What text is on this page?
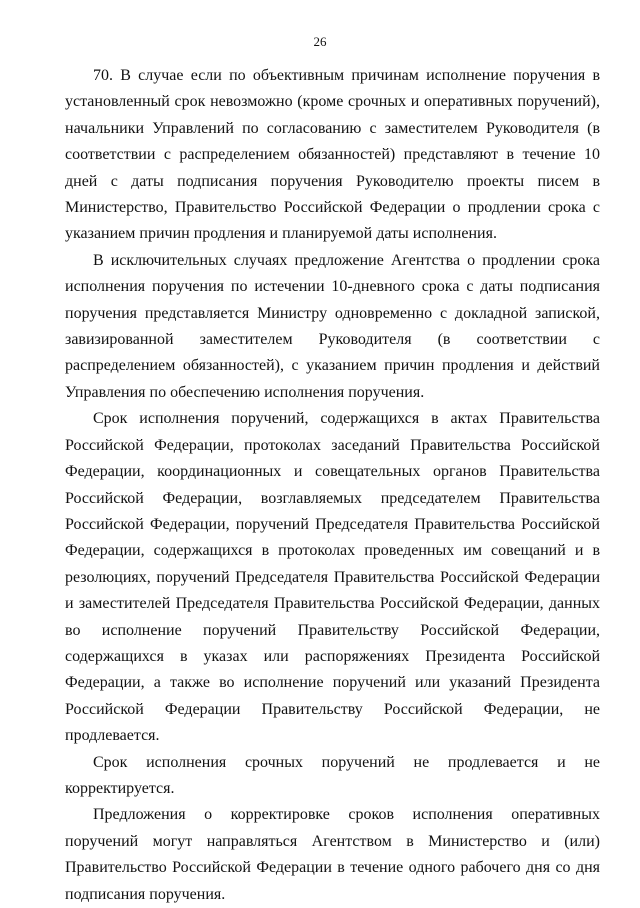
26

70. В случае если по объективным причинам исполнение поручения в установленный срок невозможно (кроме срочных и оперативных поручений), начальники Управлений по согласованию с заместителем Руководителя (в соответствии с распределением обязанностей) представляют в течение 10 дней с даты подписания поручения Руководителю проекты писем в Министерство, Правительство Российской Федерации о продлении срока с указанием причин продления и планируемой даты исполнения.

В исключительных случаях предложение Агентства о продлении срока исполнения поручения по истечении 10-дневного срока с даты подписания поручения представляется Министру одновременно с докладной запиской, завизированной заместителем Руководителя (в соответствии с распределением обязанностей), с указанием причин продления и действий Управления по обеспечению исполнения поручения.

Срок исполнения поручений, содержащихся в актах Правительства Российской Федерации, протоколах заседаний Правительства Российской Федерации, координационных и совещательных органов Правительства Российской Федерации, возглавляемых председателем Правительства Российской Федерации, поручений Председателя Правительства Российской Федерации, содержащихся в протоколах проведенных им совещаний и в резолюциях, поручений Председателя Правительства Российской Федерации и заместителей Председателя Правительства Российской Федерации, данных во исполнение поручений Правительству Российской Федерации, содержащихся в указах или распоряжениях Президента Российской Федерации, а также во исполнение поручений или указаний Президента Российской Федерации Правительству Российской Федерации, не продлевается.

Срок исполнения срочных поручений не продлевается и не корректируется.

Предложения о корректировке сроков исполнения оперативных поручений могут направляться Агентством в Министерство и (или) Правительство Российской Федерации в течение одного рабочего дня со дня подписания поручения.
